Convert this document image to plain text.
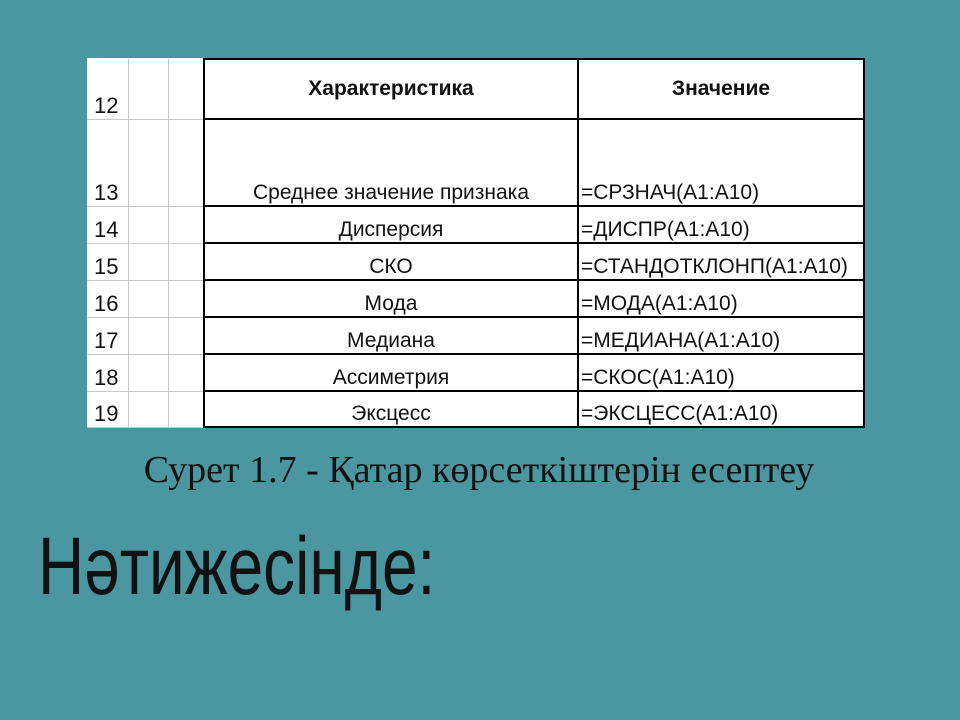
12			Характеристика	Значение
13			Среднее значение признака	=СРЗНАЧ(А1:А10)
14			Дисперсия	=ДИСПР(А1:А10)
15			СКО	=СТАНДОТКЛОНП(А1:А10)
16			Мода	=МОДА(А1:А10)
17			Медиана	=МЕДИАНА(А1:А10)
18			Ассиметрия	=СКОС(А1:А10)
19			Эксцесс	=ЭКСЦЕСС(А1:А10)
Сурет 1.7 - Қатар көрсеткіштерін есептеу
Нәтижесінде:
